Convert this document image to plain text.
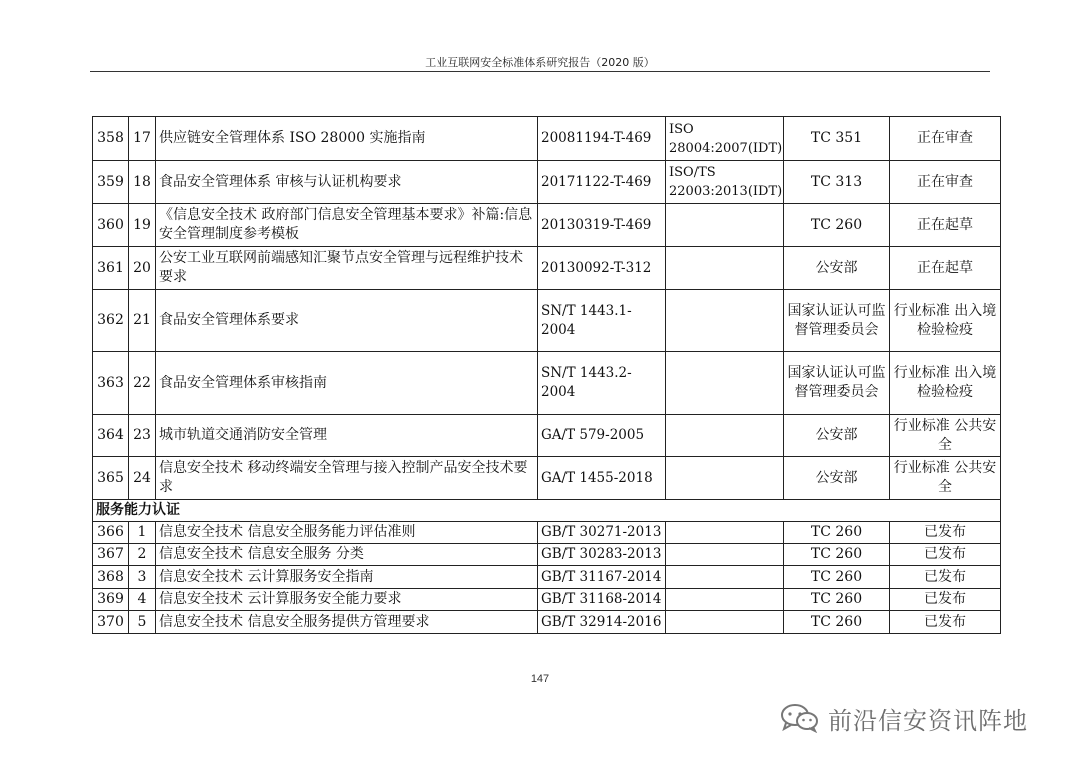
工业互联网安全标准体系研究报告（2020 版）
358	17	供应链安全管理体系 ISO 28000 实施指南	20081194-T-469	ISO 28004:2007(IDT)	TC 351	正在审查
359	18	食品安全管理体系 审核与认证机构要求	20171122-T-469	ISO/TS 22003:2013(IDT)	TC 313	正在审查
360	19	《信息安全技术 政府部门信息安全管理基本要求》补篇:信息安全管理制度参考模板	20130319-T-469		TC 260	正在起草
361	20	公安工业互联网前端感知汇聚节点安全管理与远程维护技术要求	20130092-T-312		公安部	正在起草
362	21	食品安全管理体系要求	SN/T 1443.1-2004		国家认证认可监督管理委员会	行业标准 出入境检验检疫
363	22	食品安全管理体系审核指南	SN/T 1443.2-2004		国家认证认可监督管理委员会	行业标准 出入境检验检疫
364	23	城市轨道交通消防安全管理	GA/T 579-2005		公安部	行业标准 公共安全
365	24	信息安全技术 移动终端安全管理与接入控制产品安全技术要求	GA/T 1455-2018		公安部	行业标准 公共安全
服务能力认证						
366	1	信息安全技术 信息安全服务能力评估准则	GB/T 30271-2013		TC 260	已发布
367	2	信息安全技术 信息安全服务 分类	GB/T 30283-2013		TC 260	已发布
368	3	信息安全技术 云计算服务安全指南	GB/T 31167-2014		TC 260	已发布
369	4	信息安全技术 云计算服务安全能力要求	GB/T 31168-2014		TC 260	已发布
370	5	信息安全技术 信息安全服务提供方管理要求	GB/T 32914-2016		TC 260	已发布
147
前沿信安资讯阵地
